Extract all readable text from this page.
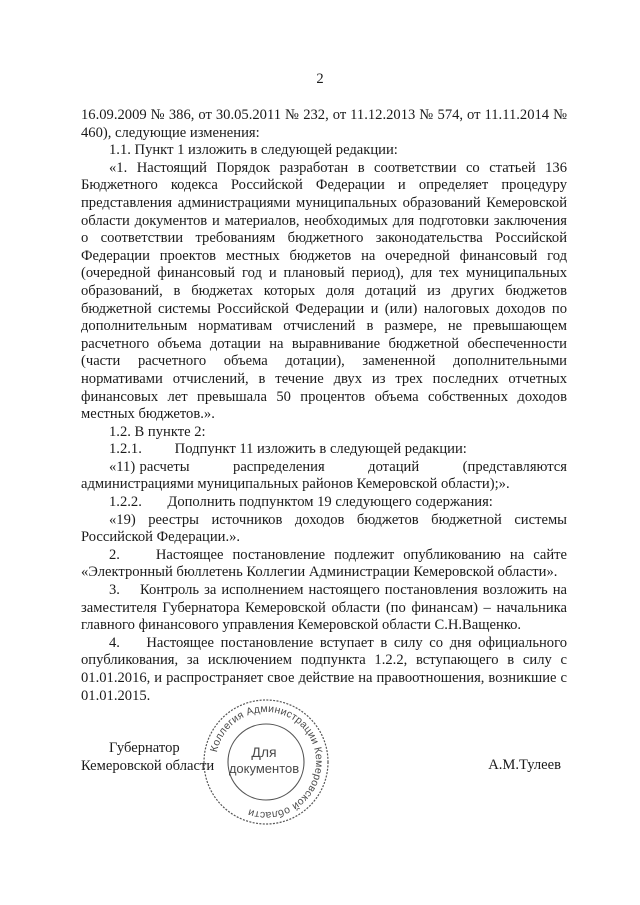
2

16.09.2009 № 386, от 30.05.2011 № 232, от 11.12.2013 № 574, от 11.11.2014 № 460), следующие изменения:

1.1. Пункт 1 изложить в следующей редакции:

«1. Настоящий Порядок разработан в соответствии со статьей 136 Бюджетного кодекса Российской Федерации и определяет процедуру представления администрациями муниципальных образований Кемеровской области документов и материалов, необходимых для подготовки заключения о соответствии требованиям бюджетного законодательства Российской Федерации проектов местных бюджетов на очередной финансовый год (очередной финансовый год и плановый период), для тех муниципальных образований, в бюджетах которых доля дотаций из других бюджетов бюджетной системы Российской Федерации и (или) налоговых доходов по дополнительным нормативам отчислений в размере, не превышающем расчетного объема дотации на выравнивание бюджетной обеспеченности (части расчетного объема дотации), замененной дополнительными нормативами отчислений, в течение двух из трех последних отчетных финансовых лет превышала 50 процентов объема собственных доходов местных бюджетов.».

1.2. В пункте 2:

1.2.1.         Подпункт 11 изложить в следующей редакции:

«11) расчеты          распределения          дотаций          (представляются администрациями муниципальных районов Кемеровской области);».

1.2.2.       Дополнить подпунктом 19 следующего содержания:

«19) реестры источников доходов бюджетов бюджетной системы Российской Федерации.».

2.    Настоящее постановление подлежит опубликованию на сайте «Электронный бюллетень Коллегии Администрации Кемеровской области».

3.    Контроль за исполнением настоящего постановления возложить на заместителя Губернатора Кемеровской области (по финансам) – начальника главного финансового управления Кемеровской области С.Н.Ващенко.

4.    Настоящее постановление вступает в силу со дня официального опубликования, за исключением подпункта 1.2.2, вступающего в силу с 01.01.2016, и распространяет свое действие на правоотношения, возникшие с 01.01.2015.

Губернатор
Кемеровской области	А.М.Тулеев
Коллегия Администрации Кемеровской области
Для
документов
